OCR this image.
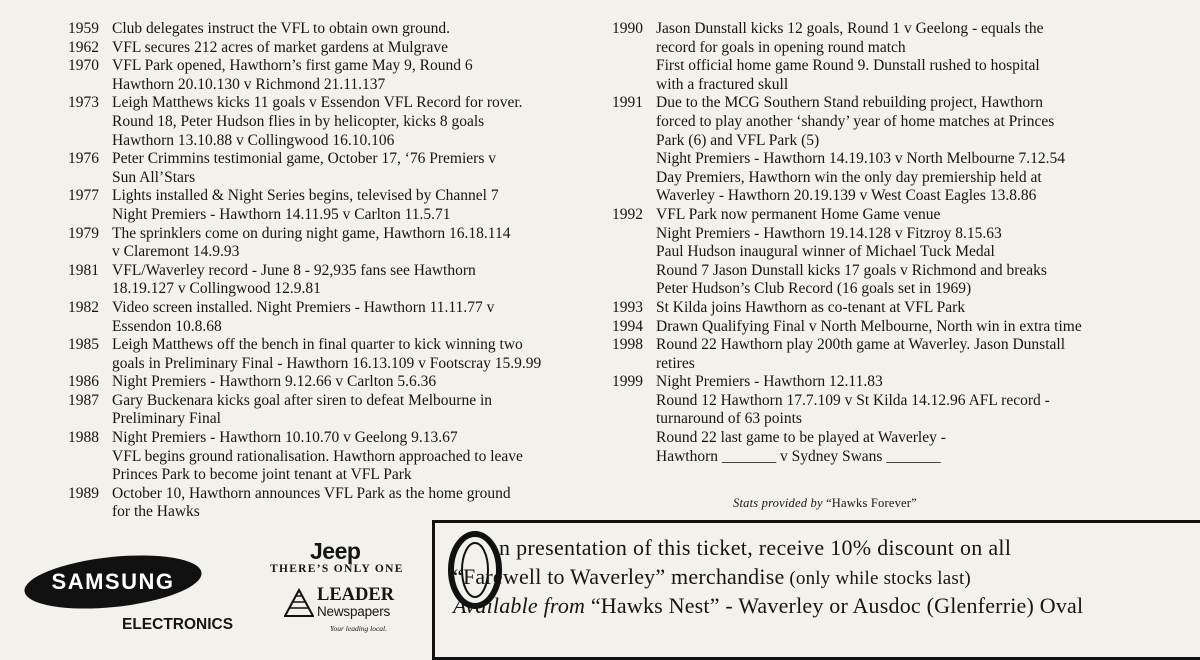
1959 Club delegates instruct the VFL to obtain own ground.
1962 VFL secures 212 acres of market gardens at Mulgrave
1970 VFL Park opened, Hawthorn’s first game May 9, Round 6
Hawthorn 20.10.130 v Richmond 21.11.137
1973 Leigh Matthews kicks 11 goals v Essendon VFL Record for rover.
Round 18, Peter Hudson flies in by helicopter, kicks 8 goals
Hawthorn 13.10.88 v Collingwood 16.10.106
1976 Peter Crimmins testimonial game, October 17, ‘76 Premiers v
Sun All’Stars
1977 Lights installed & Night Series begins, televised by Channel 7
Night Premiers - Hawthorn 14.11.95 v Carlton 11.5.71
1979 The sprinklers come on during night game, Hawthorn 16.18.114
v Claremont 14.9.93
1981 VFL/Waverley record - June 8 - 92,935 fans see Hawthorn
18.19.127 v Collingwood 12.9.81
1982 Video screen installed. Night Premiers - Hawthorn 11.11.77 v
Essendon 10.8.68
1985 Leigh Matthews off the bench in final quarter to kick winning two
goals in Preliminary Final - Hawthorn 16.13.109 v Footscray 15.9.99
1986 Night Premiers - Hawthorn 9.12.66 v Carlton 5.6.36
1987 Gary Buckenara kicks goal after siren to defeat Melbourne in
Preliminary Final
1988 Night Premiers - Hawthorn 10.10.70 v Geelong 9.13.67
VFL begins ground rationalisation. Hawthorn approached to leave
Princes Park to become joint tenant at VFL Park
1989 October 10, Hawthorn announces VFL Park as the home ground
for the Hawks
1990 Jason Dunstall kicks 12 goals, Round 1 v Geelong - equals the
record for goals in opening round match
First official home game Round 9. Dunstall rushed to hospital
with a fractured skull
1991 Due to the MCG Southern Stand rebuilding project, Hawthorn
forced to play another ‘shandy’ year of home matches at Princes
Park (6) and VFL Park (5)
Night Premiers - Hawthorn 14.19.103 v North Melbourne 7.12.54
Day Premiers, Hawthorn win the only day premiership held at
Waverley - Hawthorn 20.19.139 v West Coast Eagles 13.8.86
1992 VFL Park now permanent Home Game venue
Night Premiers - Hawthorn 19.14.128 v Fitzroy 8.15.63
Paul Hudson inaugural winner of Michael Tuck Medal
Round 7 Jason Dunstall kicks 17 goals v Richmond and breaks
Peter Hudson’s Club Record (16 goals set in 1969)
1993 St Kilda joins Hawthorn as co-tenant at VFL Park
1994 Drawn Qualifying Final v North Melbourne, North win in extra time
1998 Round 22 Hawthorn play 200th game at Waverley. Jason Dunstall
retires
1999 Night Premiers - Hawthorn 12.11.83
Round 12 Hawthorn 17.7.109 v St Kilda 14.12.96 AFL record -
turnaround of 63 points
Round 22 last game to be played at Waverley -
Hawthorn _______ v Sydney Swans _______
Stats provided by “Hawks Forever”
SAMSUNG
ELECTRONICS
Jeep
THERE’S ONLY ONE
LEADER
Newspapers
Your leading local.
O n presentation of this ticket, receive 10% discount on all
“Farewell to Waverley” merchandise (only while stocks last)
Available from “Hawks Nest” - Waverley or Ausdoc (Glenferrie) Oval
